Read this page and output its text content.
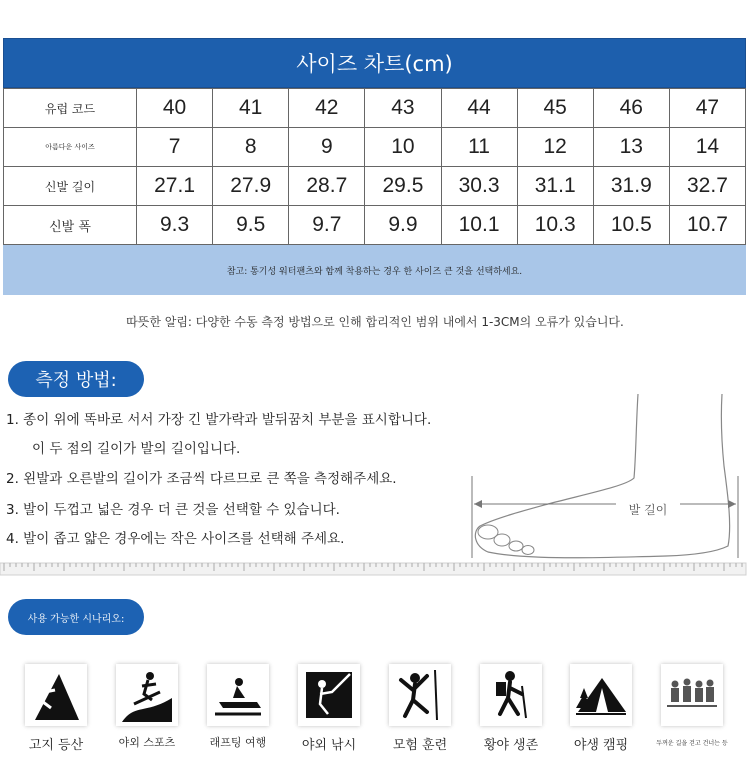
사이즈 차트(cm)
유럽 코드	40	41	42	43	44	45	46	47
아름다운 사이즈	7	8	9	10	11	12	13	14
신발 길이	27.1	27.9	28.7	29.5	30.3	31.1	31.9	32.7
신발 폭	9.3	9.5	9.7	9.9	10.1	10.3	10.5	10.7
참고: 통기성 워터팬츠와 함께 착용하는 경우 한 사이즈 큰 것을 선택하세요.
따뜻한 알림: 다양한 수동 측정 방법으로 인해 합리적인 범위 내에서 1-3CM의 오류가 있습니다.
측정 방법:
1. 종이 위에 똑바로 서서 가장 긴 발가락과 발뒤꿈치 부분을 표시합니다.
이 두 점의 길이가 발의 길이입니다.
2. 왼발과 오른발의 길이가 조금씩 다르므로 큰 쪽을 측정해주세요.
3. 발이 두껍고 넓은 경우 더 큰 것을 선택할 수 있습니다.
4. 발이 좁고 얇은 경우에는 작은 사이즈를 선택해 주세요.
발 길이
사용 가능한 시나리오:
고지 등산	야외 스포츠	래프팅 여행	야외 낚시	모험 훈련	황야 생존	야생 캠핑	두꺼운 길을 걷고 건너는 등
